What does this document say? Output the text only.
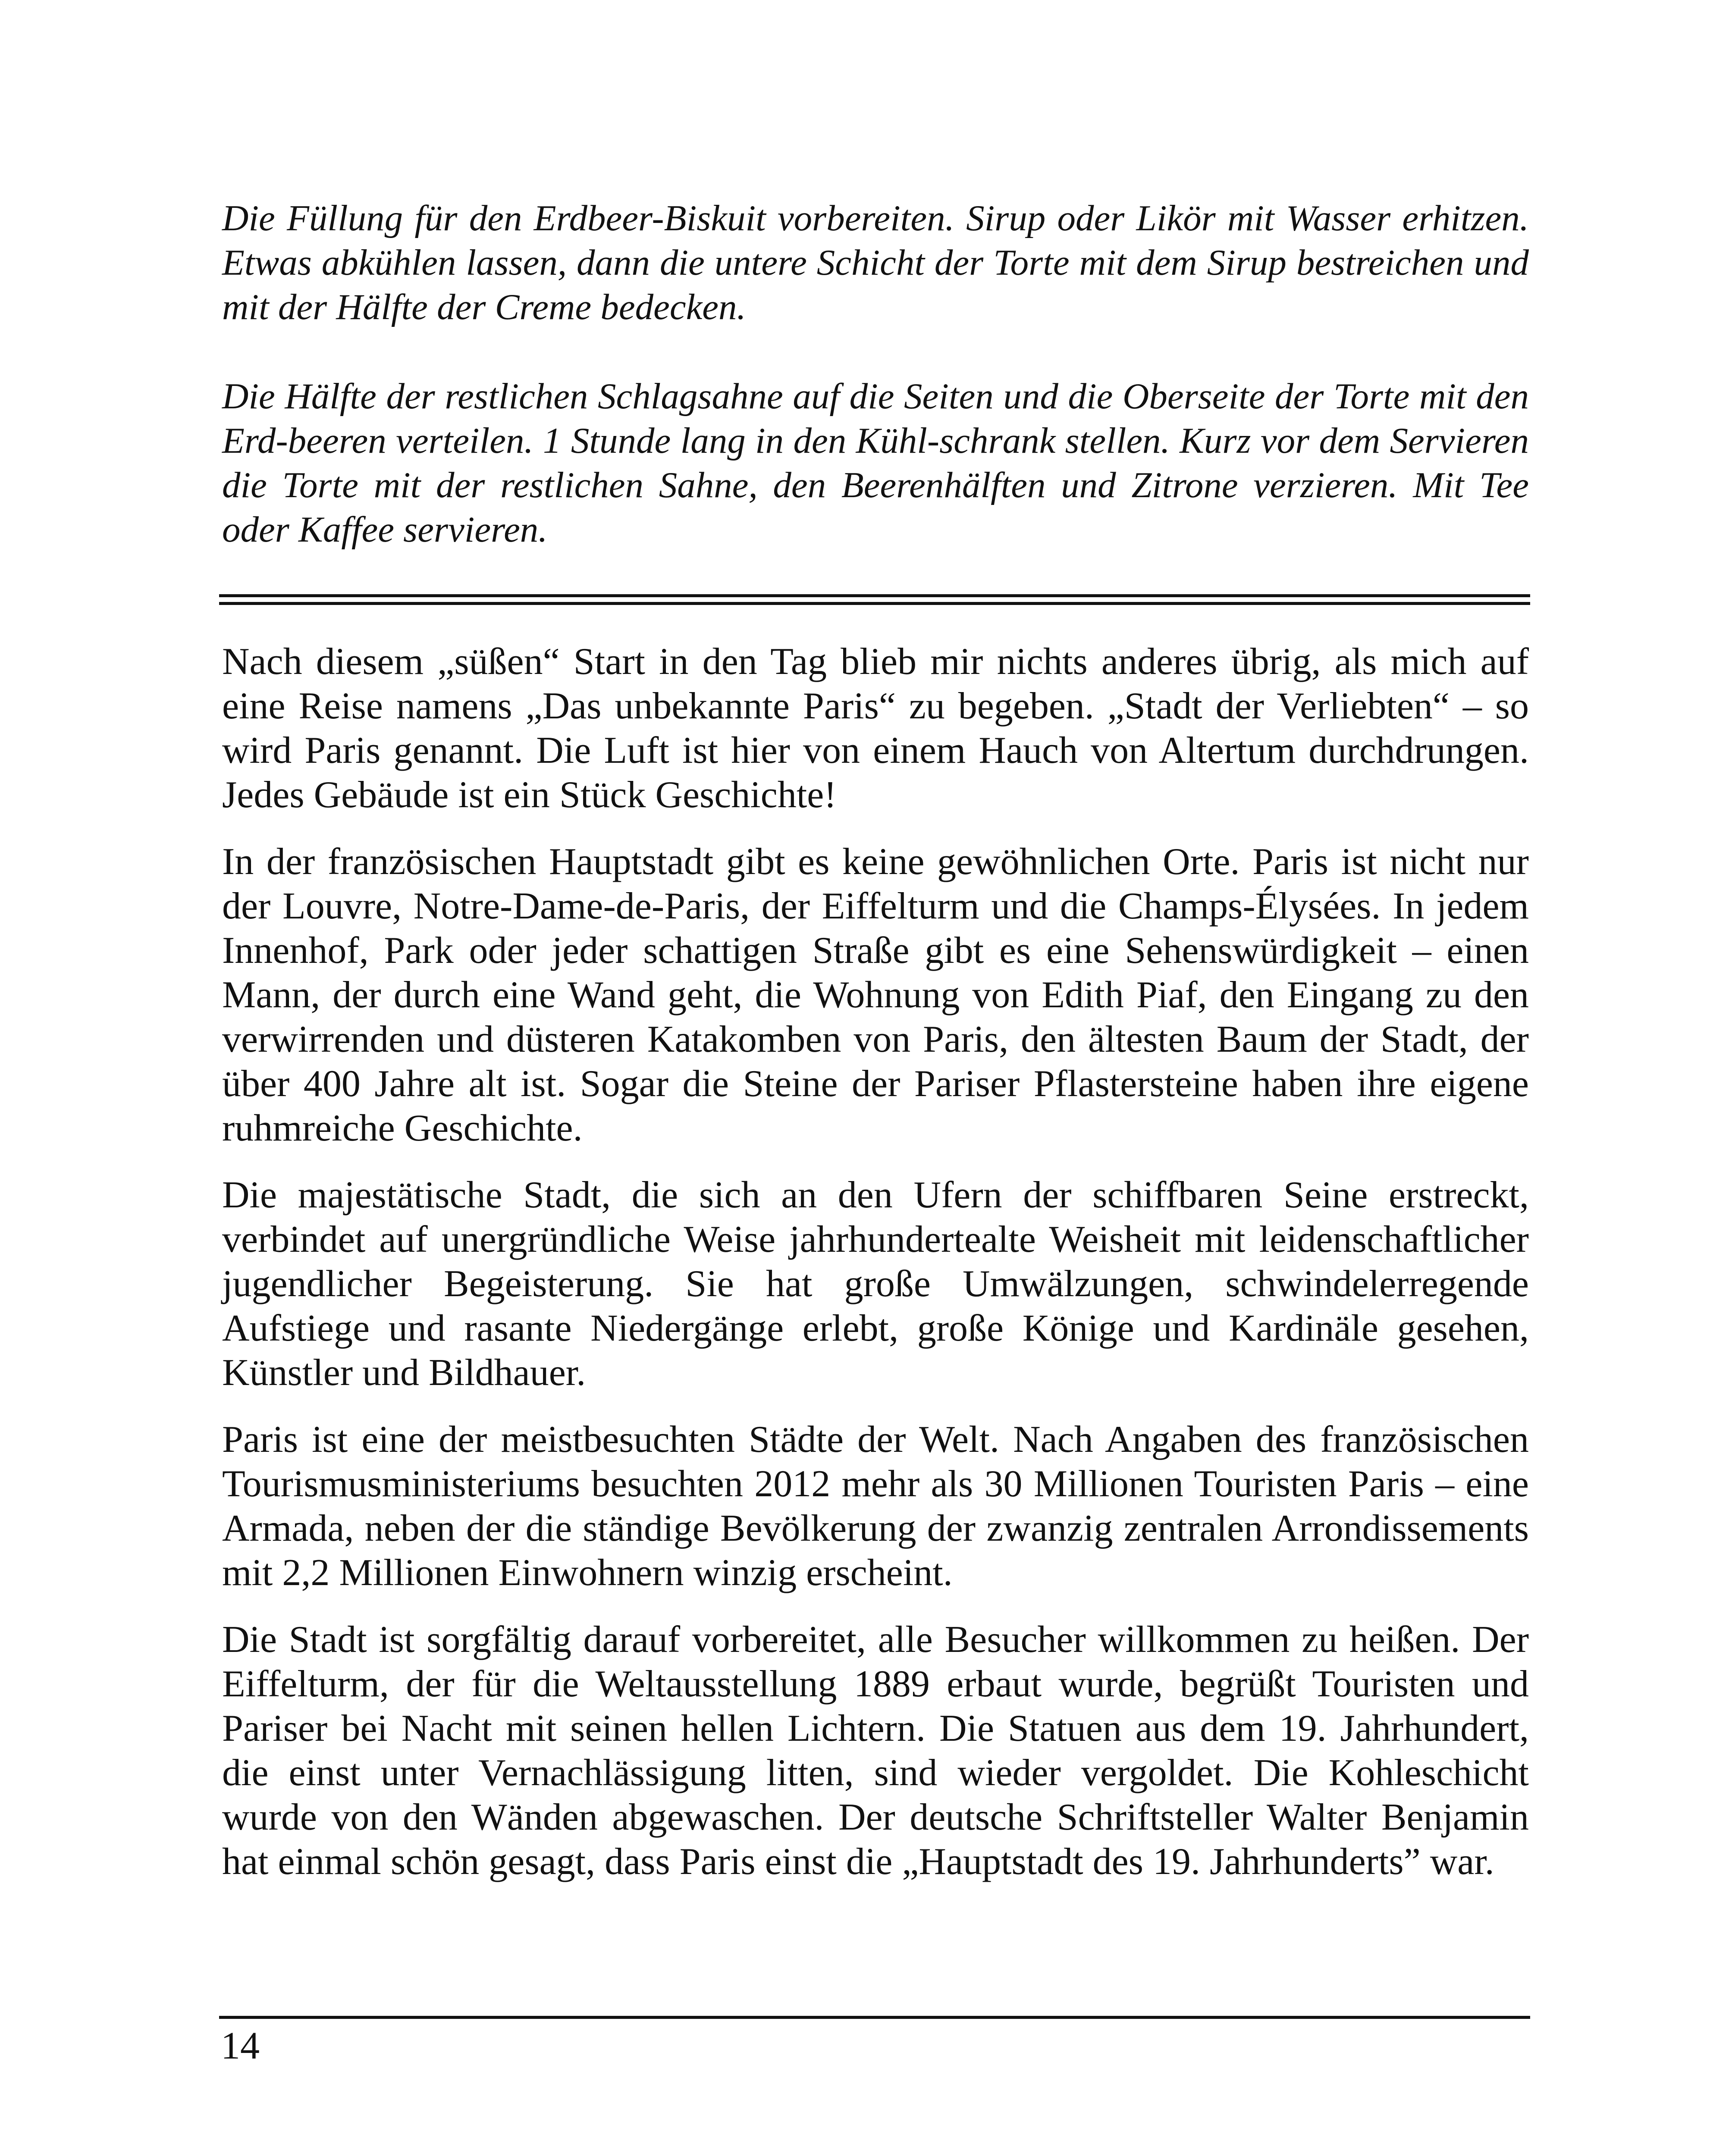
Die Füllung für den Erdbeer-Biskuit vorbereiten. Sirup oder Likör mit Wasser erhitzen. Etwas abkühlen lassen, dann die untere Schicht der Torte mit dem Sirup bestreichen und mit der Hälfte der Creme bedecken.

Die Hälfte der restlichen Schlagsahne auf die Seiten und die Oberseite der Torte mit den Erd-beeren verteilen. 1 Stunde lang in den Kühl-schrank stellen. Kurz vor dem Servieren die Torte mit der restlichen Sahne, den Beerenhälften und Zitrone verzieren. Mit Tee oder Kaffee servieren.

Nach diesem „süßen“ Start in den Tag blieb mir nichts anderes übrig, als mich auf eine Reise namens „Das unbekannte Paris“ zu begeben. „Stadt der Verliebten“ – so wird Paris genannt. Die Luft ist hier von einem Hauch von Altertum durchdrungen. Jedes Gebäude ist ein Stück Geschichte!

In der französischen Hauptstadt gibt es keine gewöhnlichen Orte. Paris ist nicht nur der Louvre, Notre-Dame-de-Paris, der Eiffelturm und die Champs-Élysées. In jedem Innenhof, Park oder jeder schattigen Straße gibt es eine Sehenswürdigkeit – einen Mann, der durch eine Wand geht, die Wohnung von Edith Piaf, den Eingang zu den verwirrenden und düsteren Katakomben von Paris, den ältesten Baum der Stadt, der über 400 Jahre alt ist. Sogar die Steine der Pariser Pflastersteine haben ihre eigene ruhmreiche Geschichte.

Die majestätische Stadt, die sich an den Ufern der schiffbaren Seine erstreckt, verbindet auf unergründliche Weise jahrhundertealte Weisheit mit leidenschaftlicher jugendlicher Begeisterung. Sie hat große Umwälzungen, schwindelerregende Aufstiege und rasante Niedergänge erlebt, große Könige und Kardinäle gesehen, Künstler und Bildhauer.

Paris ist eine der meistbesuchten Städte der Welt. Nach Angaben des französischen Tourismusministeriums besuchten 2012 mehr als 30 Millionen Touristen Paris – eine Armada, neben der die ständige Bevölkerung der zwanzig zentralen Arrondissements mit 2,2 Millionen Einwohnern winzig erscheint.

Die Stadt ist sorgfältig darauf vorbereitet, alle Besucher willkommen zu heißen. Der Eiffelturm, der für die Weltausstellung 1889 erbaut wurde, begrüßt Touristen und Pariser bei Nacht mit seinen hellen Lichtern. Die Statuen aus dem 19. Jahrhundert, die einst unter Vernachlässigung litten, sind wieder vergoldet. Die Kohleschicht wurde von den Wänden abgewaschen. Der deutsche Schriftsteller Walter Benjamin hat einmal schön gesagt, dass Paris einst die „Hauptstadt des 19. Jahrhunderts” war.

14
